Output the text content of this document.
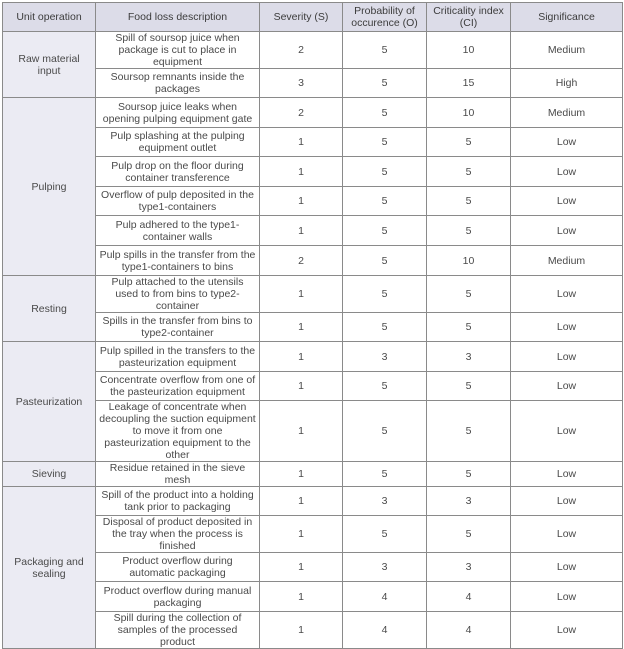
Unit operation	Food loss description	Severity (S)	Probability of occurence (O)	Criticality index (CI)	Significance
Raw material input	Spill of soursop juice when package is cut to place in equipment	2	5	10	Medium
	Soursop remnants inside the packages	3	5	15	High
Pulping	Soursop juice leaks when opening pulping equipment gate	2	5	10	Medium
	Pulp splashing at the pulping equipment outlet	1	5	5	Low
	Pulp drop on the floor during container transference	1	5	5	Low
	Overflow of pulp deposited in the type1-containers	1	5	5	Low
	Pulp adhered to the type1-container walls	1	5	5	Low
	Pulp spills in the transfer from the type1-containers to bins	2	5	10	Medium
Resting	Pulp attached to the utensils used to from bins to type2-container	1	5	5	Low
	Spills in the transfer from bins to type2-container	1	5	5	Low
Pasteurization	Pulp spilled in the transfers to the pasteurization equipment	1	3	3	Low
	Concentrate overflow from one of the pasteurization equipment	1	5	5	Low
	Leakage of concentrate when decoupling the suction equipment to move it from one pasteurization equipment to the other	1	5	5	Low
Sieving	Residue retained in the sieve mesh	1	5	5	Low
Packaging and sealing	Spill of the product into a holding tank prior to packaging	1	3	3	Low
	Disposal of product deposited in the tray when the process is finished	1	5	5	Low
	Product overflow during automatic packaging	1	3	3	Low
	Product overflow during manual packaging	1	4	4	Low
	Spill during the collection of samples of the processed product	1	4	4	Low
